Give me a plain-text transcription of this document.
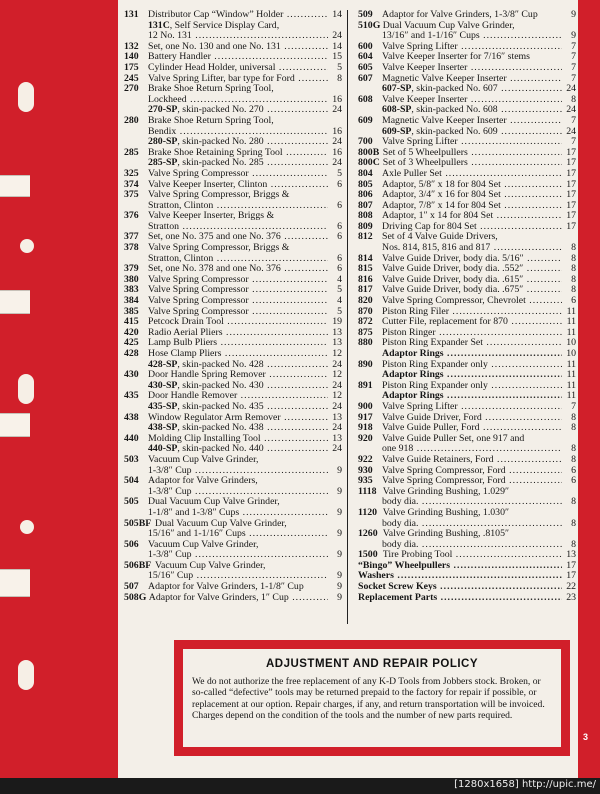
131 Distributor Cap “Window” Holder .....	14
131C, Self Service Display Card,
12 No. 131 .....	24
132 Set, one No. 130 and one No. 131 .....	14
140 Battery Handler .....	15
175 Cylinder Head Holder, universal .....	5
245 Valve Spring Lifter, bar type for Ford .....	8
270 Brake Shoe Return Spring Tool,
Lockheed .....	16
270-SP, skin-packed No. 270 .....	24
280 Brake Shoe Return Spring Tool,
Bendix .....	16
280-SP, skin-packed No. 280 .....	24
285 Brake Shoe Retaining Spring Tool .....	16
285-SP, skin-packed No. 285 .....	24
325 Valve Spring Compressor .....	5
374 Valve Keeper Inserter, Clinton .....	6
375 Valve Spring Compressor, Briggs &
Stratton, Clinton .....	6
376 Valve Keeper Inserter, Briggs &
Stratton .....	6
377 Set, one No. 375 and one No. 376 .....	6
378 Valve Spring Compressor, Briggs &
Stratton, Clinton .....	6
379 Set, one No. 378 and one No. 376 .....	6
380 Valve Spring Compressor .....	4
383 Valve Spring Compressor .....	5
384 Valve Spring Compressor .....	4
385 Valve Spring Compressor .....	5
415 Petcock Drain Tool .....	19
420 Radio Aerial Pliers .....	13
425 Lamp Bulb Pliers .....	13
428 Hose Clamp Pliers .....	12
428-SP, skin-packed No. 428 .....	24
430 Door Handle Spring Remover .....	12
430-SP, skin-packed No. 430 .....	24
435 Door Handle Remover .....	12
435-SP, skin-packed No. 435 .....	24
438 Window Regulator Arm Remover .....	13
438-SP, skin-packed No. 438 .....	24
440 Molding Clip Installing Tool .....	13
440-SP, skin-packed No. 440 .....	24
503 Vacuum Cup Valve Grinder,
1-3/8″ Cup .....	9
504 Adaptor for Valve Grinders,
1-3/8″ Cup .....	9
505 Dual Vacuum Cup Valve Grinder,
1-1/8″ and 1-3/8″ Cups .....	9
505BF Dual Vacuum Cup Valve Grinder,
15/16″ and 1-1/16″ Cups .....	9
506 Vacuum Cup Valve Grinder,
1-3/8″ Cup .....	9
506BF Vacuum Cup Valve Grinder,
15/16″ Cup .....	9
507 Adaptor for Valve Grinders, 1-1/8″ Cup	9
508G Adaptor for Valve Grinders, 1″ Cup .....	9
509 Adaptor for Valve Grinders, 1-3/8″ Cup	9
510G Dual Vacuum Cup Valve Grinder,
13/16″ and 1-1/16″ Cups .....	9
600 Valve Spring Lifter .....	7
604 Valve Keeper Inserter for 7/16″ stems	7
605 Valve Keeper Inserter .....	7
607 Magnetic Valve Keeper Inserter .....	7
607-SP, skin-packed No. 607 .....	24
608 Valve Keeper Inserter .....	8
608-SP, skin-packed No. 608 .....	24
609 Magnetic Valve Keeper Inserter .....	7
609-SP, skin-packed No. 609 .....	24
700 Valve Spring Lifter .....	7
800B Set of 5 Wheelpullers .....	17
800C Set of 3 Wheelpullers .....	17
804 Axle Puller Set .....	17
805 Adaptor, 5/8″ x 18 for 804 Set .....	17
806 Adaptor, 3/4″ x 16 for 804 Set .....	17
807 Adaptor, 7/8″ x 14 for 804 Set .....	17
808 Adaptor, 1″ x 14 for 804 Set .....	17
809 Driving Cap for 804 Set .....	17
812 Set of 4 Valve Guide Drivers,
Nos. 814, 815, 816 and 817 .....	8
814 Valve Guide Driver, body dia. 5/16″ .....	8
815 Valve Guide Driver, body dia. .552″ .....	8
816 Valve Guide Driver, body dia. .615″ .....	8
817 Valve Guide Driver, body dia. .675″ .....	8
820 Valve Spring Compressor, Chevrolet .....	6
870 Piston Ring Filer .....	11
872 Cutter File, replacement for 870 .....	11
875 Piston Ringer .....	11
880 Piston Ring Expander Set .....	10
Adaptor Rings .....	10
890 Piston Ring Expander only .....	11
Adaptor Rings .....	11
891 Piston Ring Expander only .....	11
Adaptor Rings .....	11
900 Valve Spring Lifter .....	7
917 Valve Guide Driver, Ford .....	8
918 Valve Guide Puller, Ford .....	8
920 Valve Guide Puller Set, one 917 and
one 918 .....	8
922 Valve Guide Retainers, Ford .....	8
930 Valve Spring Compressor, Ford .....	6
935 Valve Spring Compressor, Ford .....	6
1118 Valve Grinding Bushing, 1.029″
body dia. .....	8
1120 Valve Grinding Bushing, 1.030″
body dia. .....	8
1260 Valve Grinding Bushing, .8105″
body dia. .....	8
1500 Tire Probing Tool .....	13
“Bingo” Wheelpullers .....	17
Washers .....	17
Socket Screw Keys .....	22
Replacement Parts .....	23
ADJUSTMENT AND REPAIR POLICY
We do not authorize the free replacement of any K-D Tools from Jobbers stock. Broken, or so-called “defective” tools may be returned prepaid to the factory for repair if possible, or replacement at our option. Repair charges, if any, and return transportation will be invoiced. Charges depend on the condition of the tools and the number of new parts required.
3
[1280x1658] http://upic.me/
